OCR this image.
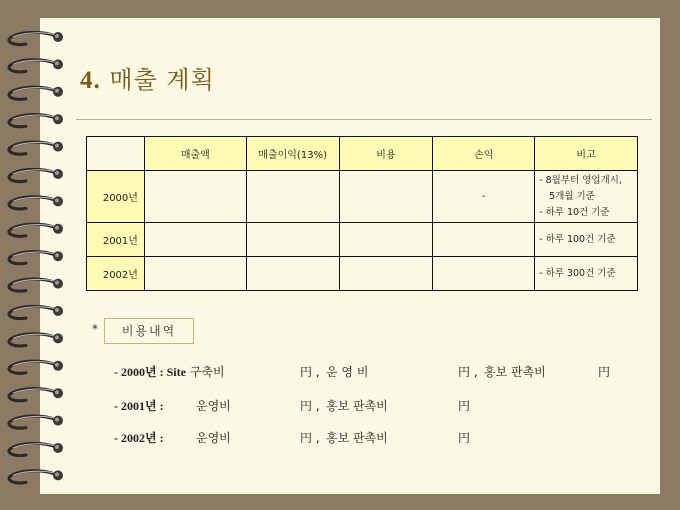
4. 매출 계획
	매출액	매출이익(13%)	비용	손익	비고
2000년				-	- 8월부터 영업개시,
5개월 기준
- 하루 10건 기준

2001년					- 하루 100건 기준

2002년					- 하루 300건 기준
*	비용내역
- 2000년 : Site 구축비	円 , 운 영 비	円 , 홍보 판촉비	円
- 2001년 :	운영비	円 , 홍보 판촉비	円
- 2002년 :	운영비	円 , 홍보 판촉비	円
